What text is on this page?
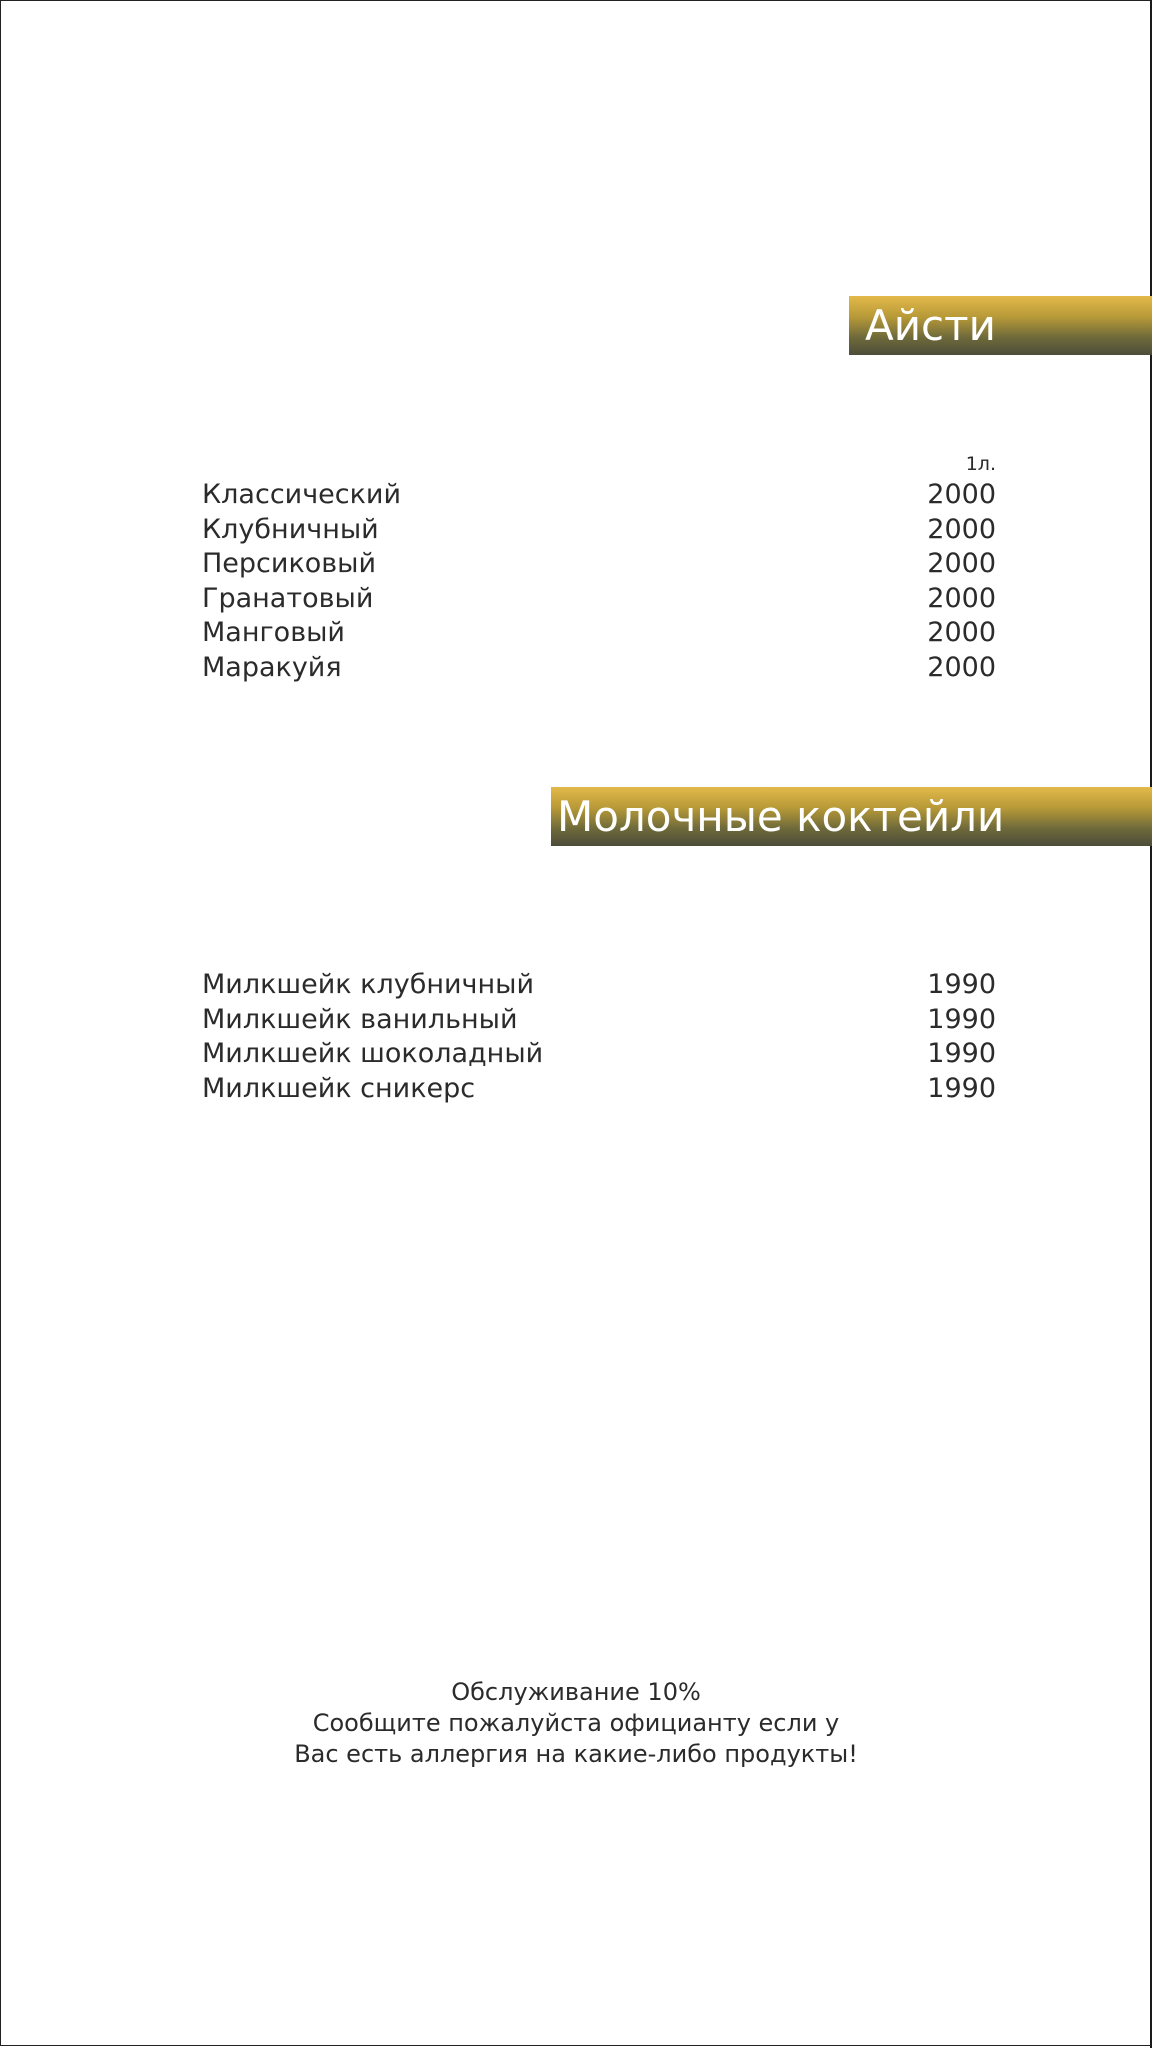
Айсти
1л.
Классический	2000
Клубничный	2000
Персиковый	2000
Гранатовый	2000
Манговый	2000
Маракуйя	2000
Молочные коктейли
Милкшейк клубничный	1990
Милкшейк ванильный	1990
Милкшейк шоколадный	1990
Милкшейк сникерс	1990
Обслуживание 10%
Сообщите пожалуйста официанту если у
Вас есть аллергия на какие-либо продукты!
